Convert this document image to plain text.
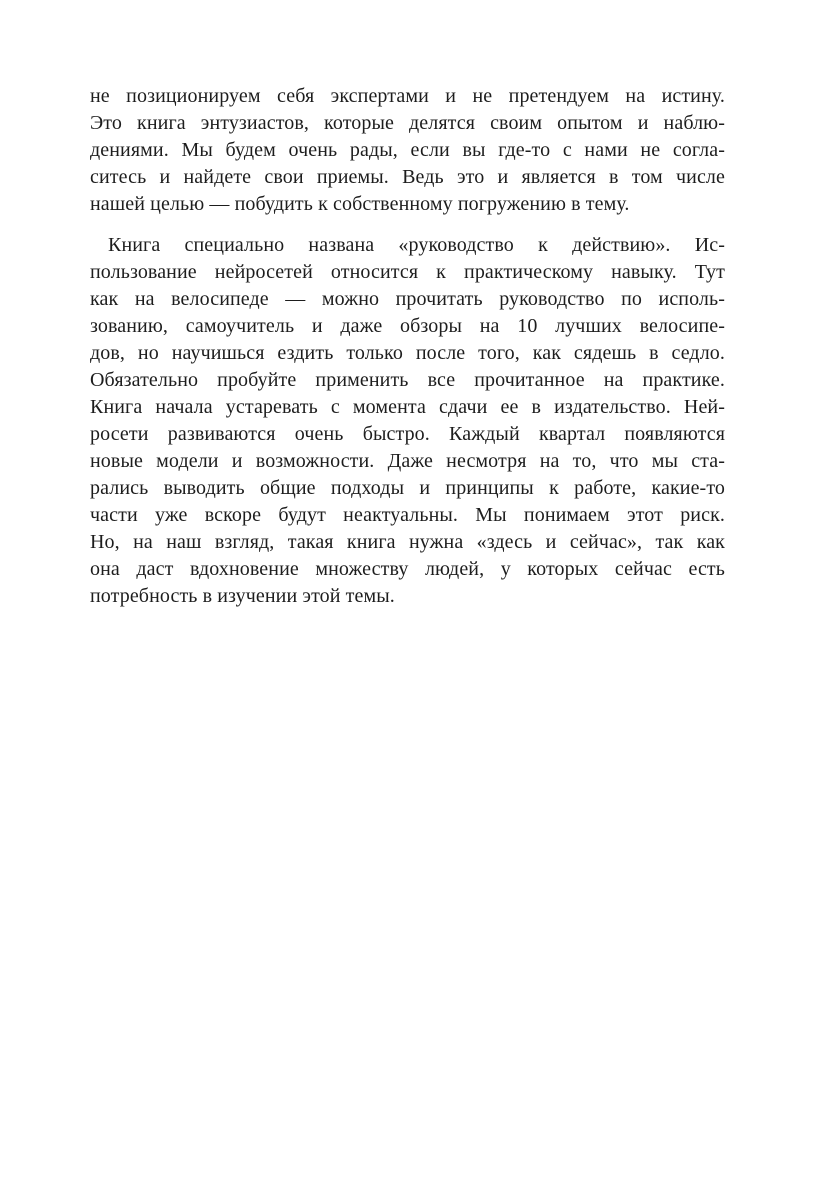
не позиционируем себя экспертами и не претендуем на истину.
Это книга энтузиастов, которые делятся своим опытом и наблю-
дениями. Мы будем очень рады, если вы где-то с нами не согла-
ситесь и найдете свои приемы. Ведь это и является в том числе
нашей целью — побудить к собственному погружению в тему.
Книга специально названа «руководство к действию». Ис-
пользование нейросетей относится к практическому навыку. Тут
как на велосипеде — можно прочитать руководство по исполь-
зованию, самоучитель и даже обзоры на 10 лучших велосипе-
дов, но научишься ездить только после того, как сядешь в седло.
Обязательно пробуйте применить все прочитанное на практике.
Книга начала устаревать с момента сдачи ее в издательство. Ней-
росети развиваются очень быстро. Каждый квартал появляются
новые модели и возможности. Даже несмотря на то, что мы ста-
рались выводить общие подходы и принципы к работе, какие-то
части уже вскоре будут неактуальны. Мы понимаем этот риск.
Но, на наш взгляд, такая книга нужна «здесь и сейчас», так как
она даст вдохновение множеству людей, у которых сейчас есть
потребность в изучении этой темы.
